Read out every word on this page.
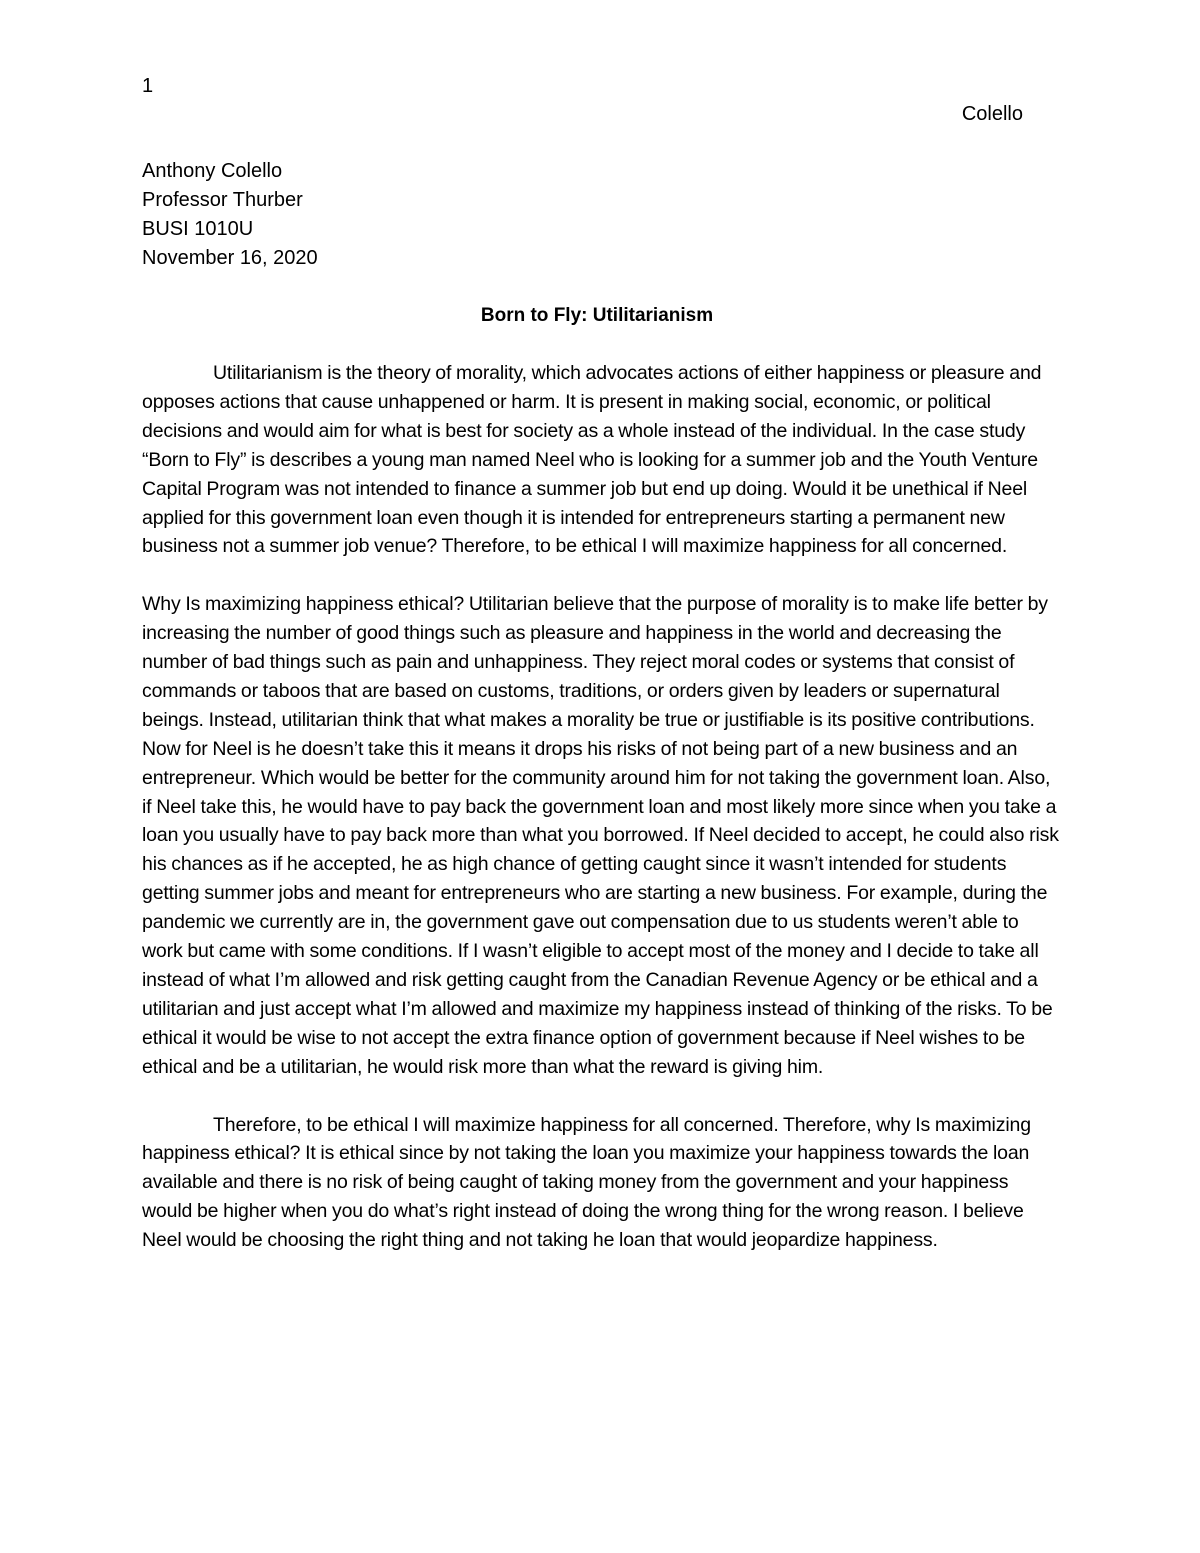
1
Colello
Anthony Colello
Professor Thurber
BUSI 1010U
November 16, 2020
Born to Fly: Utilitarianism

Utilitarianism is the theory of morality, which advocates actions of either happiness or pleasure and opposes actions that cause unhappened or harm. It is present in making social, economic, or political decisions and would aim for what is best for society as a whole instead of the individual. In the case study “Born to Fly” is describes a young man named Neel who is looking for a summer job and the Youth Venture Capital Program was not intended to finance a summer job but end up doing. Would it be unethical if Neel applied for this government loan even though it is intended for entrepreneurs starting a permanent new business not a summer job venue? Therefore, to be ethical I will maximize happiness for all concerned.

Why Is maximizing happiness ethical? Utilitarian believe that the purpose of morality is to make life better by increasing the number of good things such as pleasure and happiness in the world and decreasing the number of bad things such as pain and unhappiness. They reject moral codes or systems that consist of commands or taboos that are based on customs, traditions, or orders given by leaders or supernatural beings. Instead, utilitarian think that what makes a morality be true or justifiable is its positive contributions. Now for Neel is he doesn’t take this it means it drops his risks of not being part of a new business and an entrepreneur. Which would be better for the community around him for not taking the government loan. Also, if Neel take this, he would have to pay back the government loan and most likely more since when you take a loan you usually have to pay back more than what you borrowed. If Neel decided to accept, he could also risk his chances as if he accepted, he as high chance of getting caught since it wasn’t intended for students getting summer jobs and meant for entrepreneurs who are starting a new business. For example, during the pandemic we currently are in, the government gave out compensation due to us students weren’t able to work but came with some conditions. If I wasn’t eligible to accept most of the money and I decide to take all instead of what I’m allowed and risk getting caught from the Canadian Revenue Agency or be ethical and a utilitarian and just accept what I’m allowed and maximize my happiness instead of thinking of the risks. To be ethical it would be wise to not accept the extra finance option of government because if Neel wishes to be ethical and be a utilitarian, he would risk more than what the reward is giving him.

Therefore, to be ethical I will maximize happiness for all concerned. Therefore, why Is maximizing happiness ethical? It is ethical since by not taking the loan you maximize your happiness towards the loan available and there is no risk of being caught of taking money from the government and your happiness would be higher when you do what’s right instead of doing the wrong thing for the wrong reason. I believe Neel would be choosing the right thing and not taking he loan that would jeopardize happiness.
